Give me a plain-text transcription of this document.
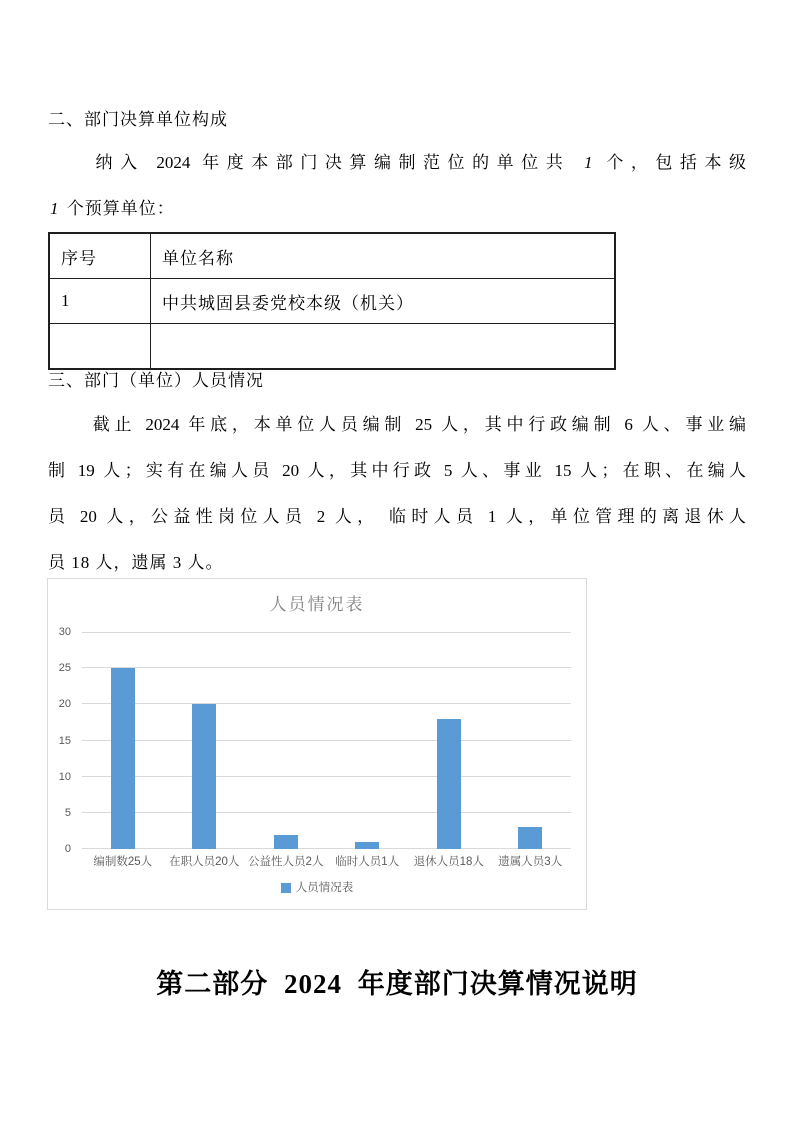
二、部门决算单位构成
纳入 2024 年度本部门决算编制范位的单位共 1 个，包括本级
1 个预算单位：
序号	单位名称
1	中共城固县委党校本级（机关）

三、部门（单位）人员情况
截止 2024 年底，本单位人员编制 25 人，其中行政编制 6 人、事业编
制 19 人；实有在编人员 20 人，其中行政 5 人、事业 15 人；在职、在编人
员 20 人，公益性岗位人员 2 人， 临时人员 1 人，单位管理的离退休人
员 18 人，遗属 3 人。
人员情况表
0
5
10
15
20
25
30
编制数25人	在职人员20人 公益性人员2人	临时人员1人	退休人员18人	遗属人员3人
人员情况表
第二部分 2024 年度部门决算情况说明
